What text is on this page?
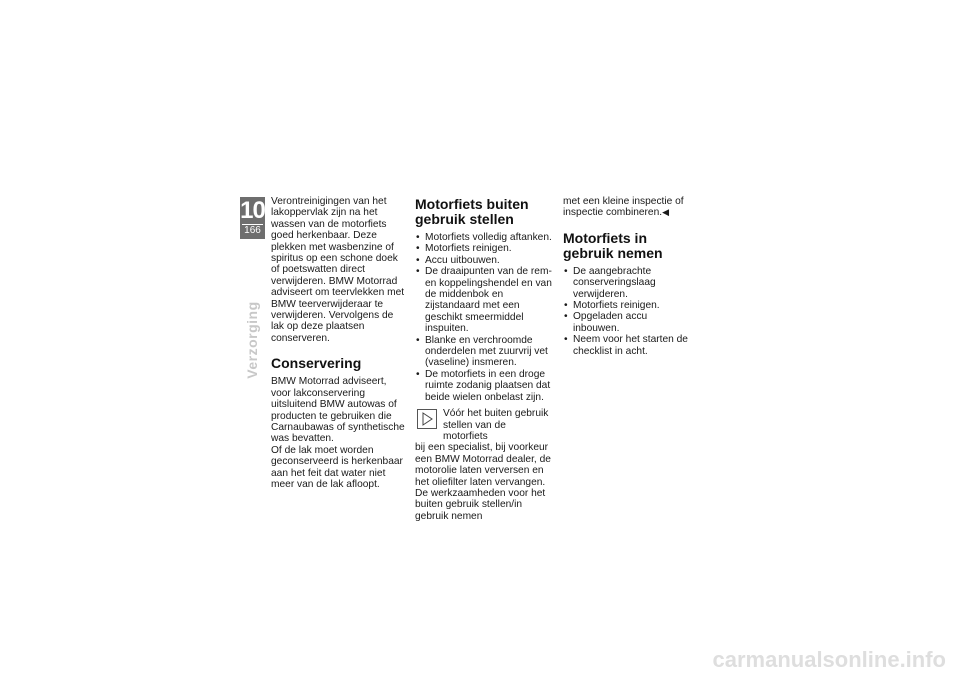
10
166
Verzorging

Verontreinigingen van het lakoppervlak zijn na het wassen van de motorfiets goed herkenbaar. Deze plekken met wasbenzine of spiritus op een schone doek of poetswatten direct verwijderen. BMW Motorrad adviseert om teervlekken met BMW teerverwijderaar te verwijderen. Vervolgens de lak op deze plaatsen conserveren.

Conservering

BMW Motorrad adviseert, voor lakconservering uitsluitend BMW autowas of producten te gebruiken die Carnaubawas of synthetische was bevatten.

Of de lak moet worden geconserveerd is herkenbaar aan het feit dat water niet meer van de lak afloopt.

Motorfiets buiten gebruik stellen
• Motorfiets volledig aftanken.
• Motorfiets reinigen.
• Accu uitbouwen.
• De draaipunten van de remen koppelingshendel en van de middenbok en zijstandaard met een geschikt smeermiddel inspuiten.
• Blanke en verchroomde onderdelen met zuurvrij vet (vaseline) insmeren.
• De motorfiets in een droge ruimte zodanig plaatsen dat beide wielen onbelast zijn.

Vóór het buiten gebruik stellen van de motorfiets

bij een specialist, bij voorkeur een BMW Motorrad dealer, de motorolie laten verversen en het oliefilter laten vervangen. De werkzaamheden voor het buiten gebruik stellen/in gebruik nemen

met een kleine inspectie of inspectie combineren.◀

Motorfiets in gebruik nemen
• De aangebrachte conserveringslaag verwijderen.
• Motorfiets reinigen.
• Opgeladen accu inbouwen.
• Neem voor het starten de checklist in acht.
carmanualsonline.info
